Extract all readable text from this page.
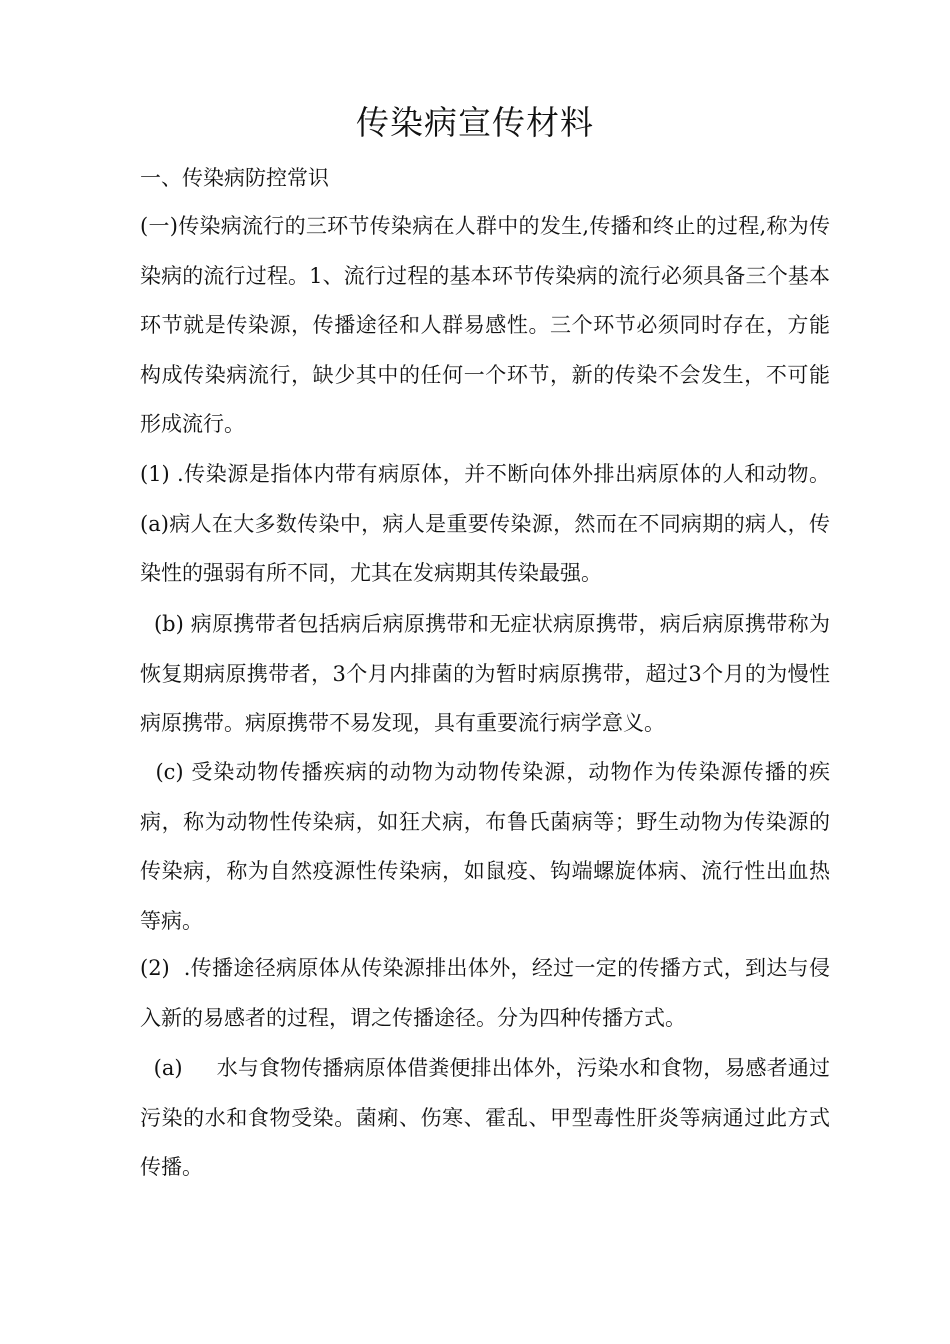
传染病宣传材料
一、传染病防控常识

(一)传染病流行的三环节传染病在人群中的发生,传播和终止的过程,称为传染病的流行过程。1、流行过程的基本环节传染病的流行必须具备三个基本环节就是传染源，传播途径和人群易感性。三个环节必须同时存在，方能构成传染病流行，缺少其中的任何一个环节，新的传染不会发生，不可能形成流行。

(1) .传染源是指体内带有病原体，并不断向体外排出病原体的人和动物。(a)病人在大多数传染中，病人是重要传染源，然而在不同病期的病人，传染性的强弱有所不同，尤其在发病期其传染最强。

(b) 病原携带者包括病后病原携带和无症状病原携带，病后病原携带称为恢复期病原携带者，3个月内排菌的为暂时病原携带，超过3个月的为慢性病原携带。病原携带不易发现，具有重要流行病学意义。

(c) 受染动物传播疾病的动物为动物传染源，动物作为传染源传播的疾病，称为动物性传染病，如狂犬病，布鲁氏菌病等；野生动物为传染源的传染病，称为自然疫源性传染病，如鼠疫、钩端螺旋体病、流行性出血热等病。

(2)  .传播途径病原体从传染源排出体外，经过一定的传播方式，到达与侵入新的易感者的过程，谓之传播途径。分为四种传播方式。

(a)     水与食物传播病原体借粪便排出体外，污染水和食物，易感者通过污染的水和食物受染。菌痢、伤寒、霍乱、甲型毒性肝炎等病通过此方式传播。
